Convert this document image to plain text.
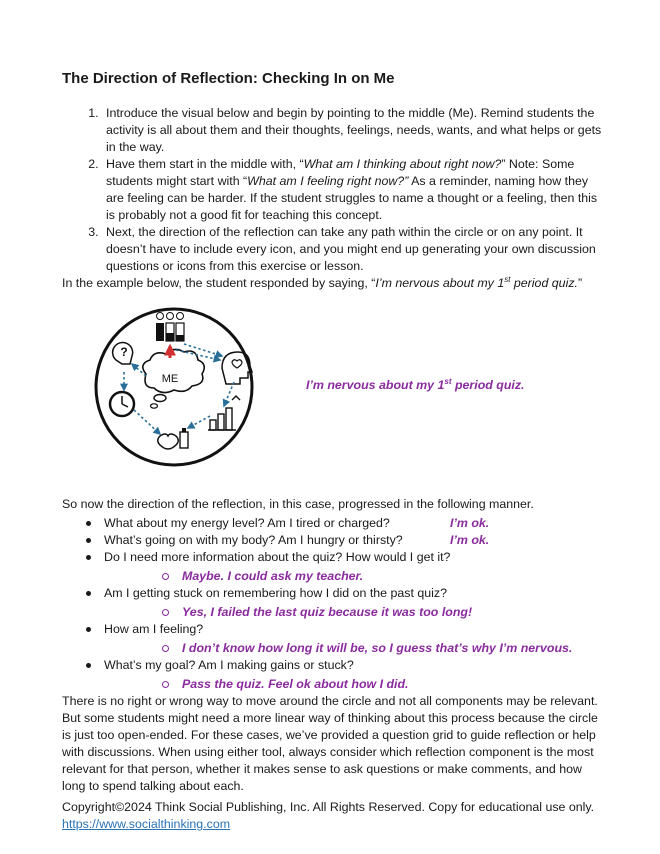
The Direction of Reflection: Checking In on Me
1. Introduce the visual below and begin by pointing to the middle (Me). Remind students the activity is all about them and their thoughts, feelings, needs, wants, and what helps or gets in the way.
2. Have them start in the middle with, “What am I thinking about right now?” Note: Some students might start with “What am I feeling right now?” As a reminder, naming how they are feeling can be harder. If the student struggles to name a thought or a feeling, then this is probably not a good fit for teaching this concept.
3. Next, the direction of the reflection can take any path within the circle or on any point. It doesn’t have to include every icon, and you might end up generating your own discussion questions or icons from this exercise or lesson.

In the example below, the student responded by saying, “I’m nervous about my 1st period quiz.”

ME
?
I’m nervous about my 1st period quiz.

So now the direction of the reflection, in this case, progressed in the following manner.

What about my energy level? Am I tired or charged?	I’m ok.
What’s going on with my body? Am I hungry or thirsty?	I’m ok.
Do I need more information about the quiz? How would I get it?
Maybe. I could ask my teacher.
Am I getting stuck on remembering how I did on the past quiz?
Yes, I failed the last quiz because it was too long!
How am I feeling?
I don’t know how long it will be, so I guess that’s why I’m nervous.
What’s my goal? Am I making gains or stuck?
Pass the quiz. Feel ok about how I did.

There is no right or wrong way to move around the circle and not all components may be relevant. But some students might need a more linear way of thinking about this process because the circle is just too open-ended. For these cases, we’ve provided a question grid to guide reflection or help with discussions. When using either tool, always consider which reflection component is the most relevant for that person, whether it makes sense to ask questions or make comments, and how long to spend talking about each.

Copyright©2024 Think Social Publishing, Inc. All Rights Reserved. Copy for educational use only.
https://www.socialthinking.com
